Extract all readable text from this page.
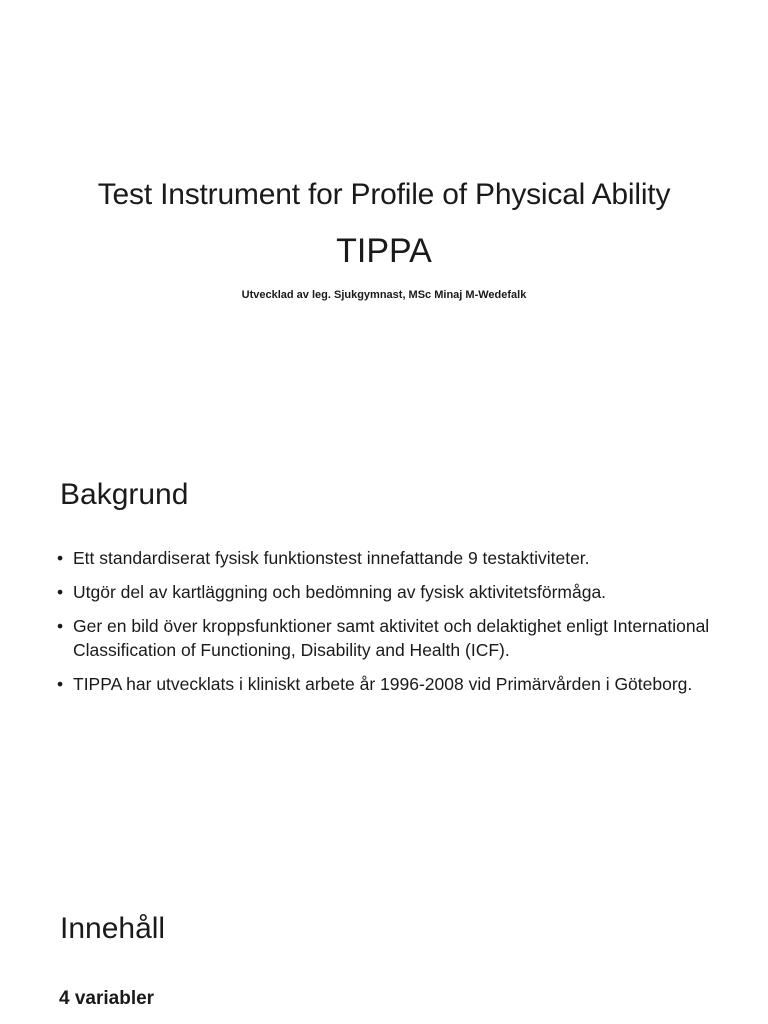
Test Instrument for Profile of Physical Ability
TIPPA

Utvecklad av leg. Sjukgymnast, MSc Minaj M-Wedefalk

Bakgrund
• Ett standardiserat fysisk funktionstest innefattande 9 testaktiviteter.
• Utgör del av kartläggning och bedömning av fysisk aktivitetsförmåga.
• Ger en bild över kroppsfunktioner samt aktivitet och delaktighet enligt International Classification of Functioning, Disability and Health (ICF).
• TIPPA har utvecklats i kliniskt arbete år 1996-2008 vid Primärvården i Göteborg.
Innehåll

4 variabler
